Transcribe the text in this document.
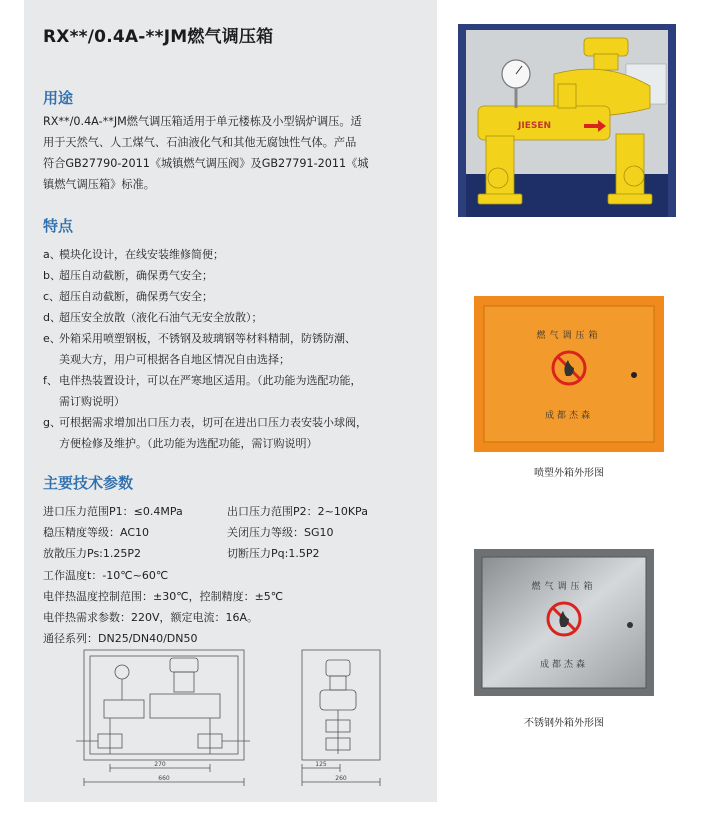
RX**/0.4A-**JM燃气调压箱
用途
RX**/0.4A-**JM燃气调压箱适用于单元楼栋及小型锅炉调压。适
用于天然气、人工煤气、石油液化气和其他无腐蚀性气体。产品
符合GB27790-2011《城镇燃气调压阀》及GB27791-2011《城
镇燃气调压箱》标准。
特点
a、
模块化设计，在线安装维修简便；
b、
超压自动截断，确保勇气安全；
c、
超压自动截断，确保勇气安全；
d、
超压安全放散（液化石油气无安全放散）；
e、
外箱采用喷塑钢板，不锈钢及玻璃钢等材料精制，防锈防潮、
美观大方，用户可根据各自地区情况自由选择；
f、 电伴热装置设计，可以在严寒地区适用。（此功能为选配功能，
需订购说明）
g、
可根据需求增加出口压力表，切可在进出口压力表安装小球阀，
方便检修及维护。（此功能为选配功能，需订购说明）
主要技术参数
进口压力范围P1：≤0.4MPa	出口压力范围P2：2~10KPa
稳压精度等级：AC10	关闭压力等级：SG10
放散压力Ps:1.25P2	切断压力Pq:1.5P2
工作温度t：-10℃~60℃
电伴热温度控制范围：±30℃，控制精度：±5℃
电伴热需求参数：220V，额定电流：16A。
通径系列：DN25/DN40/DN50
270
660
125
260
JIESEN
燃气调压箱
成都杰森
喷塑外箱外形图
燃气调压箱
成都杰森
不锈钢外箱外形图
